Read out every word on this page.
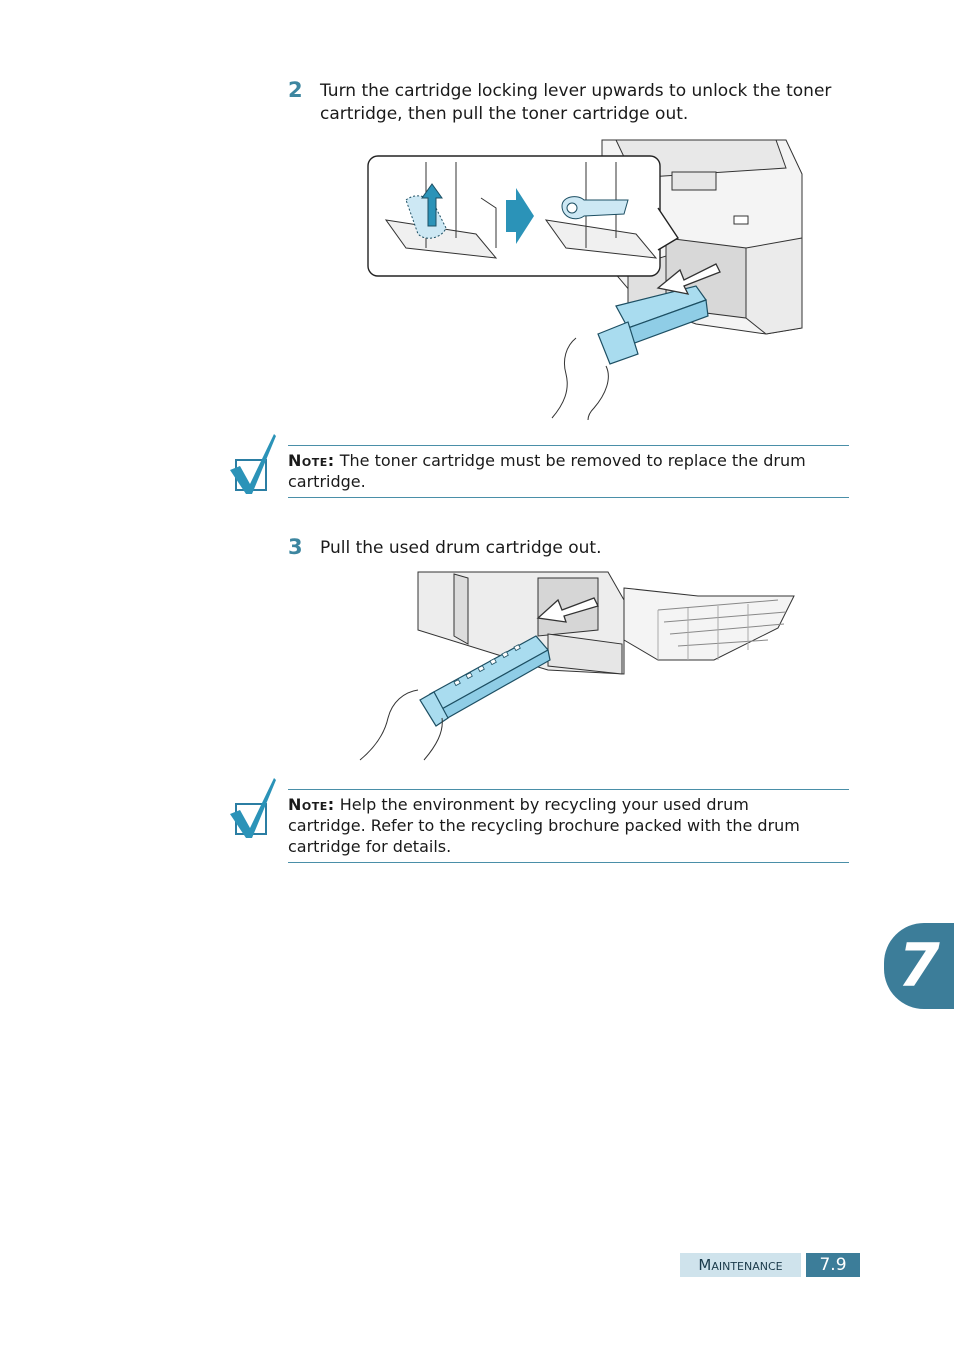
2 Turn the cartridge locking lever upwards to unlock the toner
cartridge, then pull the toner cartridge out.
Note: The toner cartridge must be removed to replace the drum
cartridge.
3 Pull the used drum cartridge out.
Note: Help the environment by recycling your used drum
cartridge. Refer to the recycling brochure packed with the drum
cartridge for details.
7
Maintenance	7.9
